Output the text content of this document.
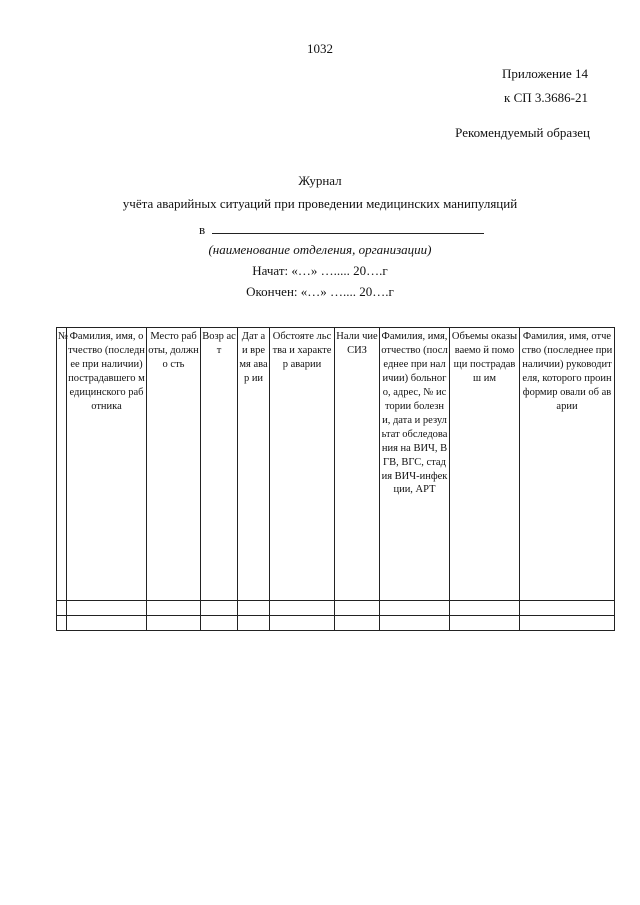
1032
Приложение 14
к СП 3.3686-21
Рекомендуемый образец
Журнал
учёта аварийных ситуаций при проведении медицинских манипуляций
в
(наименование отделения, организации)
Начат: «…» …..... 20….г
Окончен: «…» ….... 20….г
№	Фамилия, имя, отчество (последнее при наличии) пострадавшего медицинского работника	Место работы, должно сть	Возр аст	Дат а и вре мя авар ии	Обстояте льства и характер аварии	Нали чие СИЗ	Фамилия, имя, отчество (последнее при наличии) больного, адрес, № истории болезни, дата и результат обследова ния на ВИЧ, ВГВ, ВГС, стадия ВИЧ-инфекции, АРТ	Объемы оказываемо й помощи пострадавш им	Фамилия, имя, отчество (последнее при наличии) руководителя, которого проинформир овали об аварии
